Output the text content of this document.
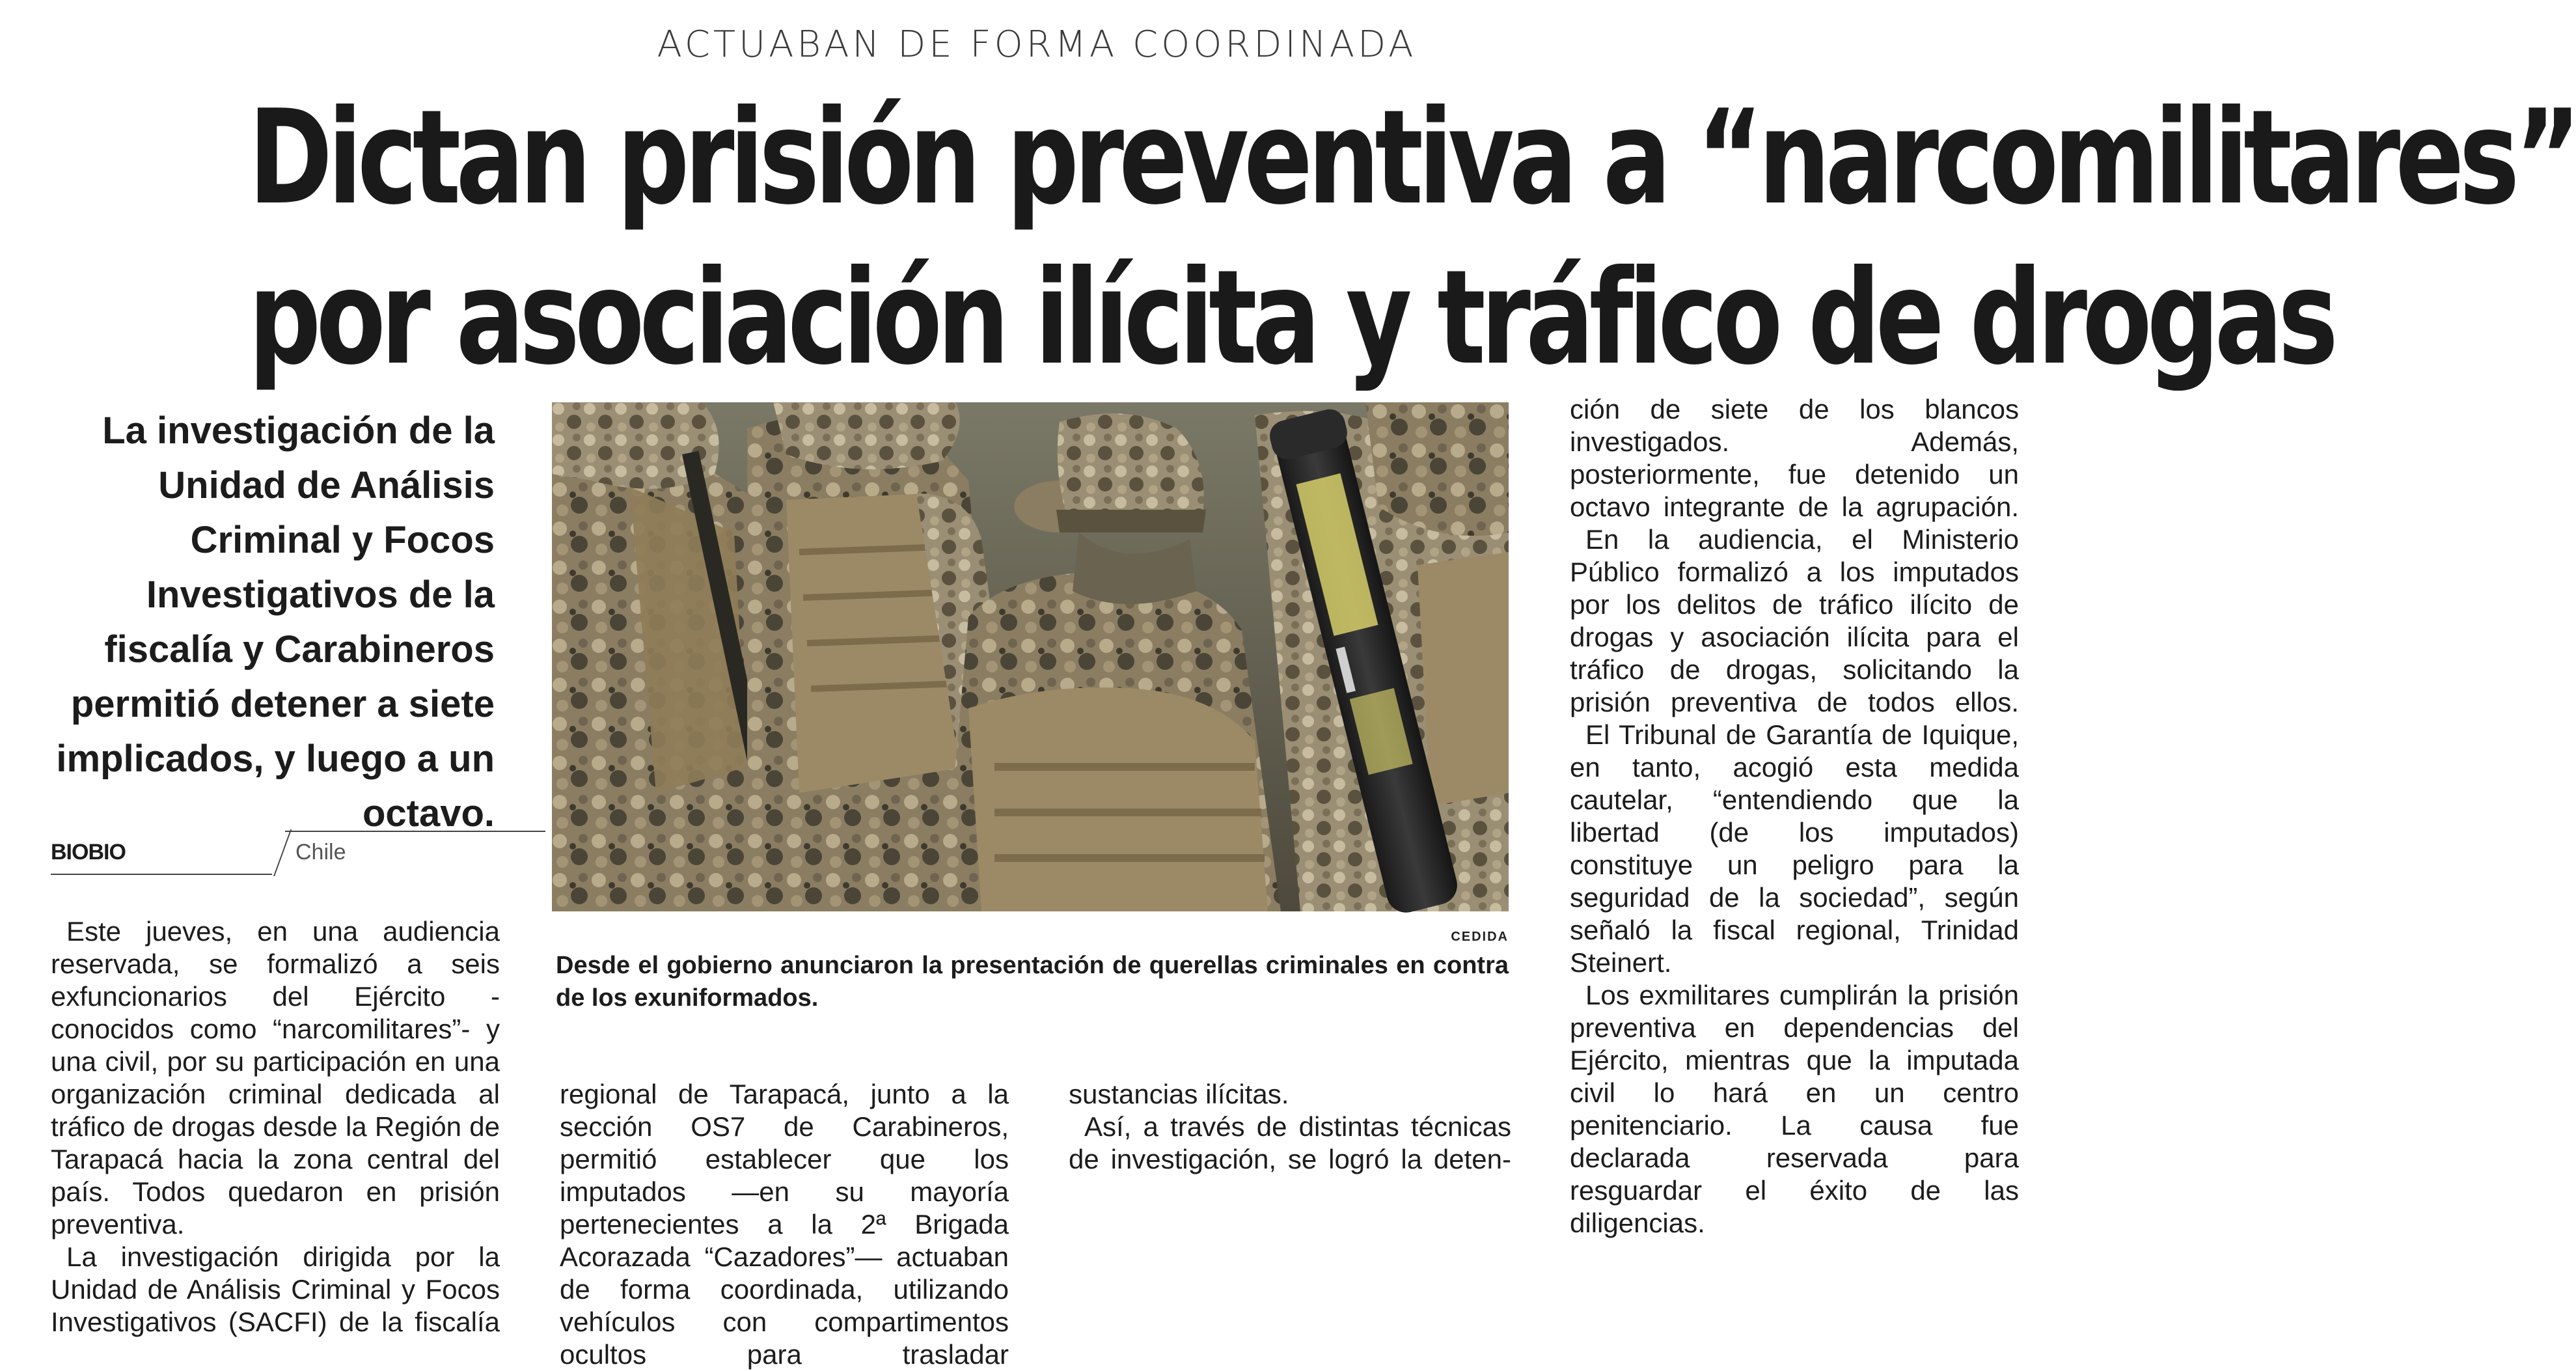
ACTUABAN DE FORMA COORDINADA
Dictan prisión preventiva a “narcomilitares”
por asociación ilícita y tráfico de drogas

La investigación de la Unidad de Análisis Criminal y Focos Investigativos de la fiscalía y Carabineros permitió detener a siete implicados, y luego a un octavo.

BIOBIO	Chile
CEDIDA

Desde el gobierno anunciaron la presentación de querellas criminales en contra de los exuniformados.

Este jueves, en una audiencia reservada, se formalizó a seis exfuncionarios del Ejército -conocidos como “narcomilitares”- y una civil, por su participación en una organización criminal dedicada al tráfico de drogas desde la Región de Tarapacá hacia la zona central del país. Todos quedaron en prisión preventiva.

La investigación dirigida por la Unidad de Análisis Criminal y Focos Investigativos (SACFI) de la fiscalía

regional de Tarapacá, junto a la sección OS7 de Carabineros, permitió establecer que los imputados —en su mayoría pertenecientes a la 2ª Brigada Acorazada “Cazadores”— actuaban de forma coordinada, utilizando vehículos con compartimentos ocultos para trasladar

sustancias ilícitas.

Así, a través de distintas técnicas de investigación, se logró la deten-

ción de siete de los blancos investigados. Además, posteriormente, fue detenido un octavo integrante de la agrupación.

En la audiencia, el Ministerio Público formalizó a los imputados por los delitos de tráfico ilícito de drogas y asociación ilícita para el tráfico de drogas, solicitando la prisión preventiva de todos ellos.

El Tribunal de Garantía de Iquique, en tanto, acogió esta medida cautelar, “entendiendo que la libertad (de los imputados) constituye un peligro para la seguridad de la sociedad”, según señaló la fiscal regional, Trinidad Steinert.

Los exmilitares cumplirán la prisión preventiva en dependencias del Ejército, mientras que la imputada civil lo hará en un centro penitenciario. La causa fue declarada reservada para resguardar el éxito de las diligencias.
